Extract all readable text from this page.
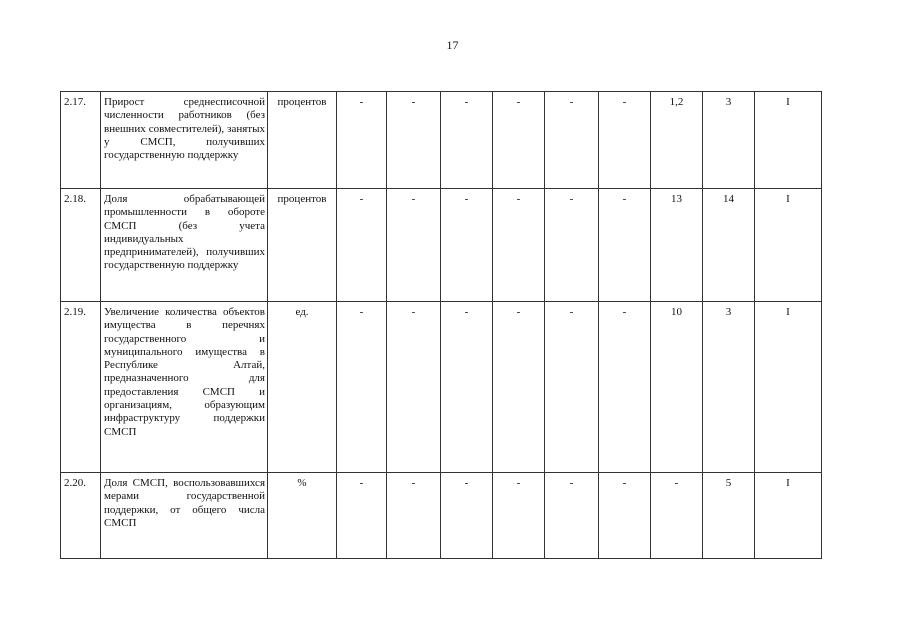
17
2.17.	Прирост среднесписочной численности работников (без внешних совместителей), занятых у СМСП, получивших государственную поддержку	процентов	-	-	-	-	-	-	1,2	3	I
2.18.	Доля обрабатывающей промышленности в обороте СМСП (без учета индивидуальных предпринимателей), получивших государственную поддержку	процентов	-	-	-	-	-	-	13	14	I
2.19.	Увеличение количества объектов имущества в перечнях государственного и муниципального имущества в Республике Алтай, предназначенного для предоставления СМСП и организациям, образующим инфраструктуру поддержки СМСП	ед.	-	-	-	-	-	-	10	3	I
2.20.	Доля СМСП, воспользовавшихся мерами государственной поддержки, от общего числа СМСП	%	-	-	-	-	-	-	-	5	I
